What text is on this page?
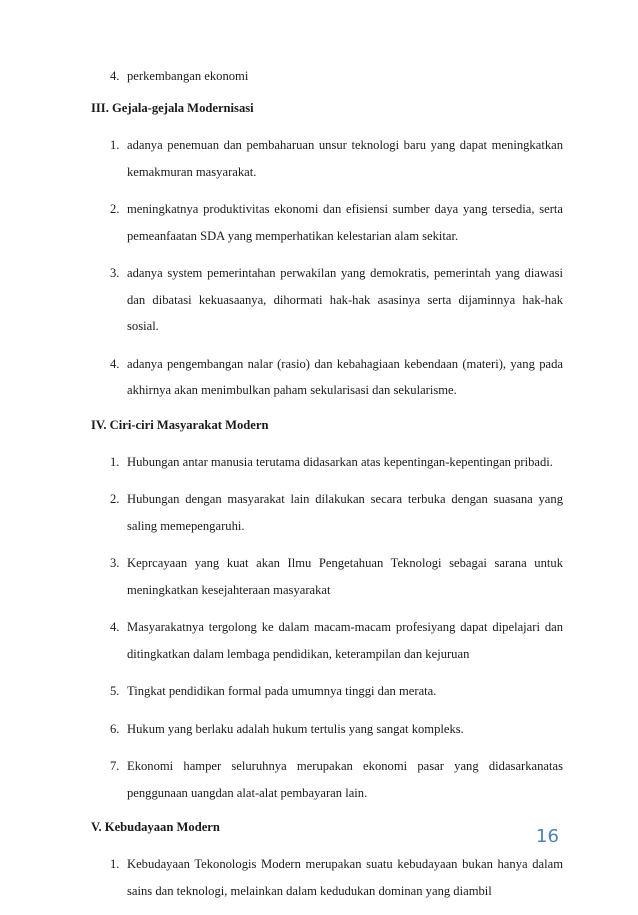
4. perkembangan ekonomi
III. Gejala-gejala Modernisasi
1. adanya penemuan dan pembaharuan unsur teknologi baru yang dapat meningkatkan kemakmuran masyarakat.
2. meningkatnya produktivitas ekonomi dan efisiensi sumber daya yang tersedia, serta pemeanfaatan SDA yang memperhatikan kelestarian alam sekitar.
3. adanya system pemerintahan perwakilan yang demokratis, pemerintah yang diawasi dan dibatasi kekuasaanya, dihormati hak-hak asasinya serta dijaminnya hak-hak sosial.
4. adanya pengembangan nalar (rasio) dan kebahagiaan kebendaan (materi), yang pada akhirnya akan menimbulkan paham sekularisasi dan sekularisme.
IV. Ciri-ciri Masyarakat Modern
1. Hubungan antar manusia terutama didasarkan atas kepentingan-kepentingan pribadi.
2. Hubungan dengan masyarakat lain dilakukan secara terbuka dengan suasana yang saling memepengaruhi.
3. Keprcayaan yang kuat akan Ilmu Pengetahuan Teknologi sebagai sarana untuk meningkatkan kesejahteraan masyarakat
4. Masyarakatnya tergolong ke dalam macam-macam profesiyang dapat dipelajari dan ditingkatkan dalam lembaga pendidikan, keterampilan dan kejuruan
5. Tingkat pendidikan formal pada umumnya tinggi dan merata.
6. Hukum yang berlaku adalah hukum tertulis yang sangat kompleks.
7. Ekonomi hamper seluruhnya merupakan ekonomi pasar yang didasarkanatas penggunaan uangdan alat-alat pembayaran lain.
V. Kebudayaan Modern
1. Kebudayaan Tekonologis Modern merupakan suatu kebudayaan bukan hanya dalam sains dan teknologi, melainkan dalam kedudukan dominan yang diambil
16
